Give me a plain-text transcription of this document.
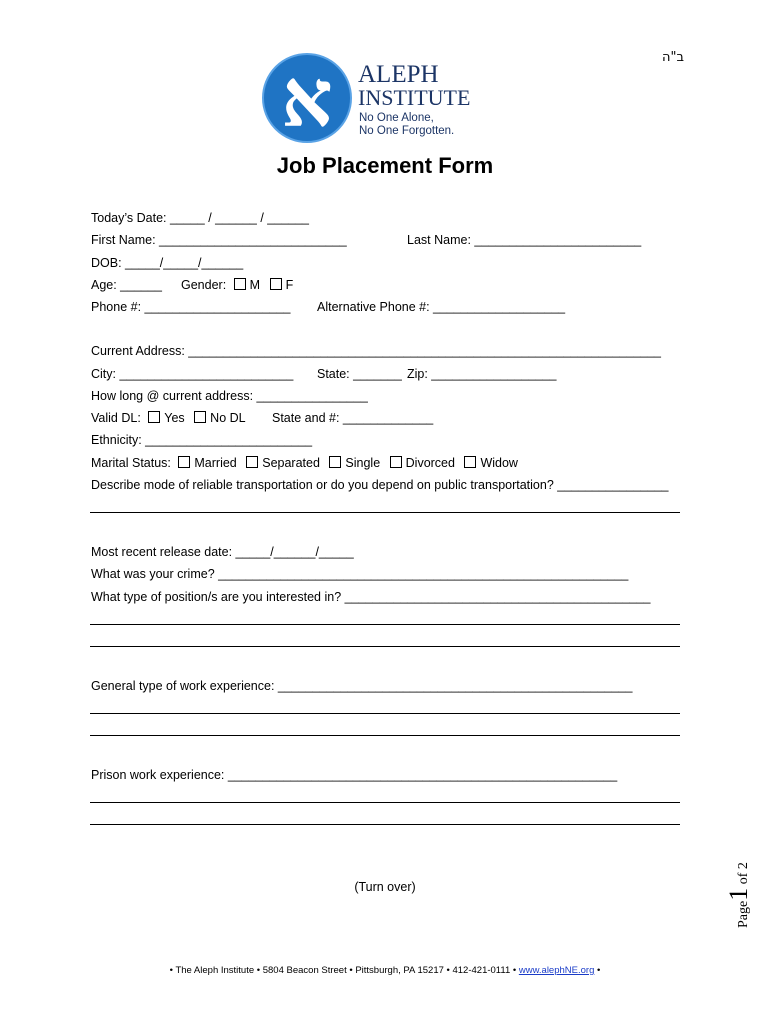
ב"ה
א ALEPH
INSTITUTE
No One Alone,
No One Forgotten.
Job Placement Form
Today’s Date: _____ / ______ / ______
First Name: ___________________________	Last Name: ________________________
DOB: _____/_____/______
Age: ______ Gender: M F
Phone #: _____________________ Alternative Phone #: ___________________
Current Address: ____________________________________________________________________
City: _________________________ State: _______ Zip: __________________
How long @ current address: ________________
Valid DL: Yes No DL State and #: _____________
Ethnicity: ________________________
Marital Status: Married Separated Single Divorced Widow
Describe mode of reliable transportation or do you depend on public transportation? ________________
Most recent release date: _____/______/_____
What was your crime? ___________________________________________________________
What type of position/s are you interested in? ____________________________________________
General type of work experience: ___________________________________________________
Prison work experience: ________________________________________________________
(Turn over)
Page1 of 2
• The Aleph Institute • 5804 Beacon Street • Pittsburgh, PA 15217 • 412-421-0111 • www.alephNE.org •
